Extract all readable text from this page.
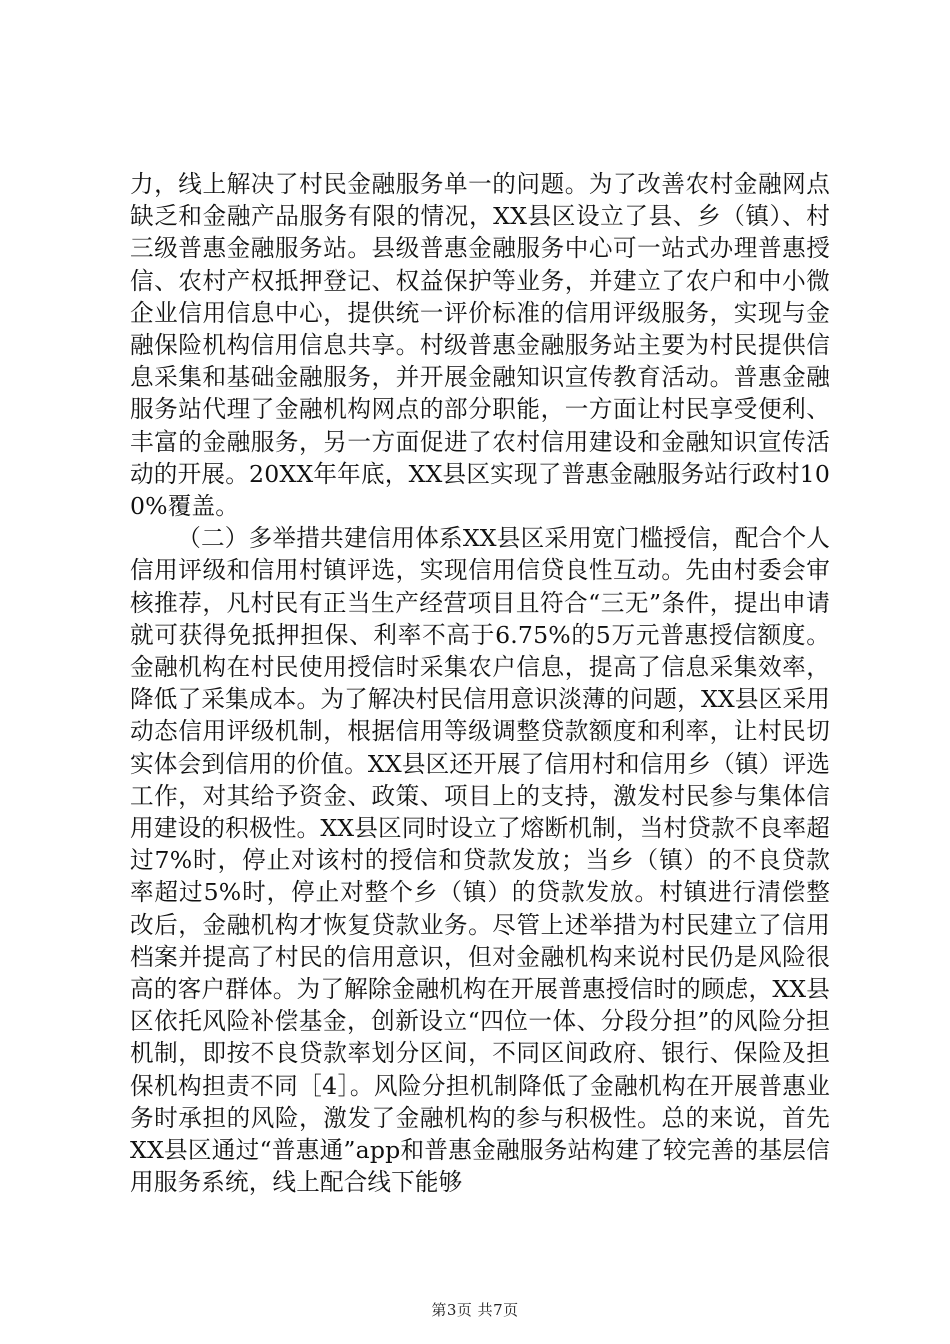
力，线上解决了村民金融服务单一的问题。为了改善农村金融网点缺乏和金融产品服务有限的情况，XX县区设立了县、乡（镇）、村三级普惠金融服务站。县级普惠金融服务中心可一站式办理普惠授信、农村产权抵押登记、权益保护等业务，并建立了农户和中小微企业信用信息中心，提供统一评价标准的信用评级服务，实现与金融保险机构信用信息共享。村级普惠金融服务站主要为村民提供信息采集和基础金融服务，并开展金融知识宣传教育活动。普惠金融服务站代理了金融机构网点的部分职能，一方面让村民享受便利、丰富的金融服务，另一方面促进了农村信用建设和金融知识宣传活动的开展。20XX年年底，XX县区实现了普惠金融服务站行政村100%覆盖。

（二）多举措共建信用体系XX县区采用宽门槛授信，配合个人信用评级和信用村镇评选，实现信用信贷良性互动。先由村委会审核推荐，凡村民有正当生产经营项目且符合“三无”条件，提出申请就可获得免抵押担保、利率不高于6.75%的5万元普惠授信额度。金融机构在村民使用授信时采集农户信息，提高了信息采集效率，降低了采集成本。为了解决村民信用意识淡薄的问题，XX县区采用动态信用评级机制，根据信用等级调整贷款额度和利率，让村民切实体会到信用的价值。XX县区还开展了信用村和信用乡（镇）评选工作，对其给予资金、政策、项目上的支持，激发村民参与集体信用建设的积极性。XX县区同时设立了熔断机制，当村贷款不良率超过7%时，停止对该村的授信和贷款发放；当乡（镇）的不良贷款率超过5%时，停止对整个乡（镇）的贷款发放。村镇进行清偿整改后，金融机构才恢复贷款业务。尽管上述举措为村民建立了信用档案并提高了村民的信用意识，但对金融机构来说村民仍是风险很高的客户群体。为了解除金融机构在开展普惠授信时的顾虑，XX县区依托风险补偿基金，创新设立“四位一体、分段分担”的风险分担机制，即按不良贷款率划分区间，不同区间政府、银行、保险及担保机构担责不同［4］。风险分担机制降低了金融机构在开展普惠业务时承担的风险，激发了金融机构的参与积极性。总的来说，首先XX县区通过“普惠通”app和普惠金融服务站构建了较完善的基层信用服务系统，线上配合线下能够

第3页 共7页
